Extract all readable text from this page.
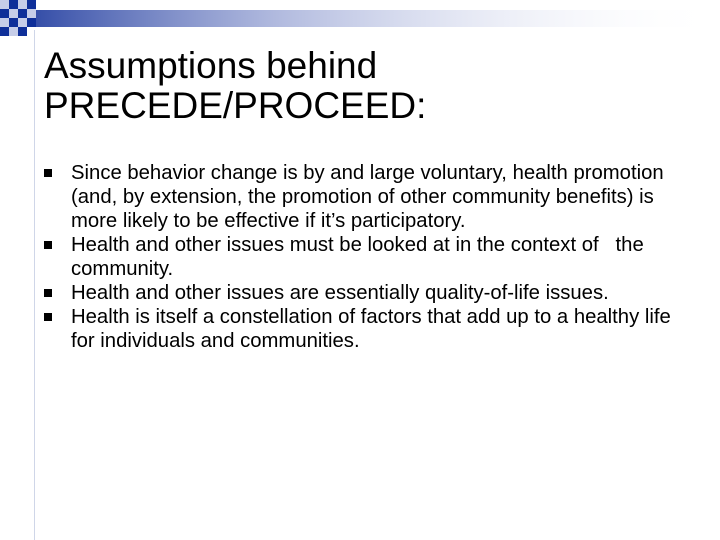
Assumptions behind
PRECEDE/PROCEED:
Since behavior change is by and large voluntary, health promotion (and, by extension, the promotion of other community benefits) is more likely to be effective if it’s participatory.
Health and other issues must be looked at in the context of   the community.
Health and other issues are essentially quality-of-life issues.
Health is itself a constellation of factors that add up to a healthy life for individuals and communities.
